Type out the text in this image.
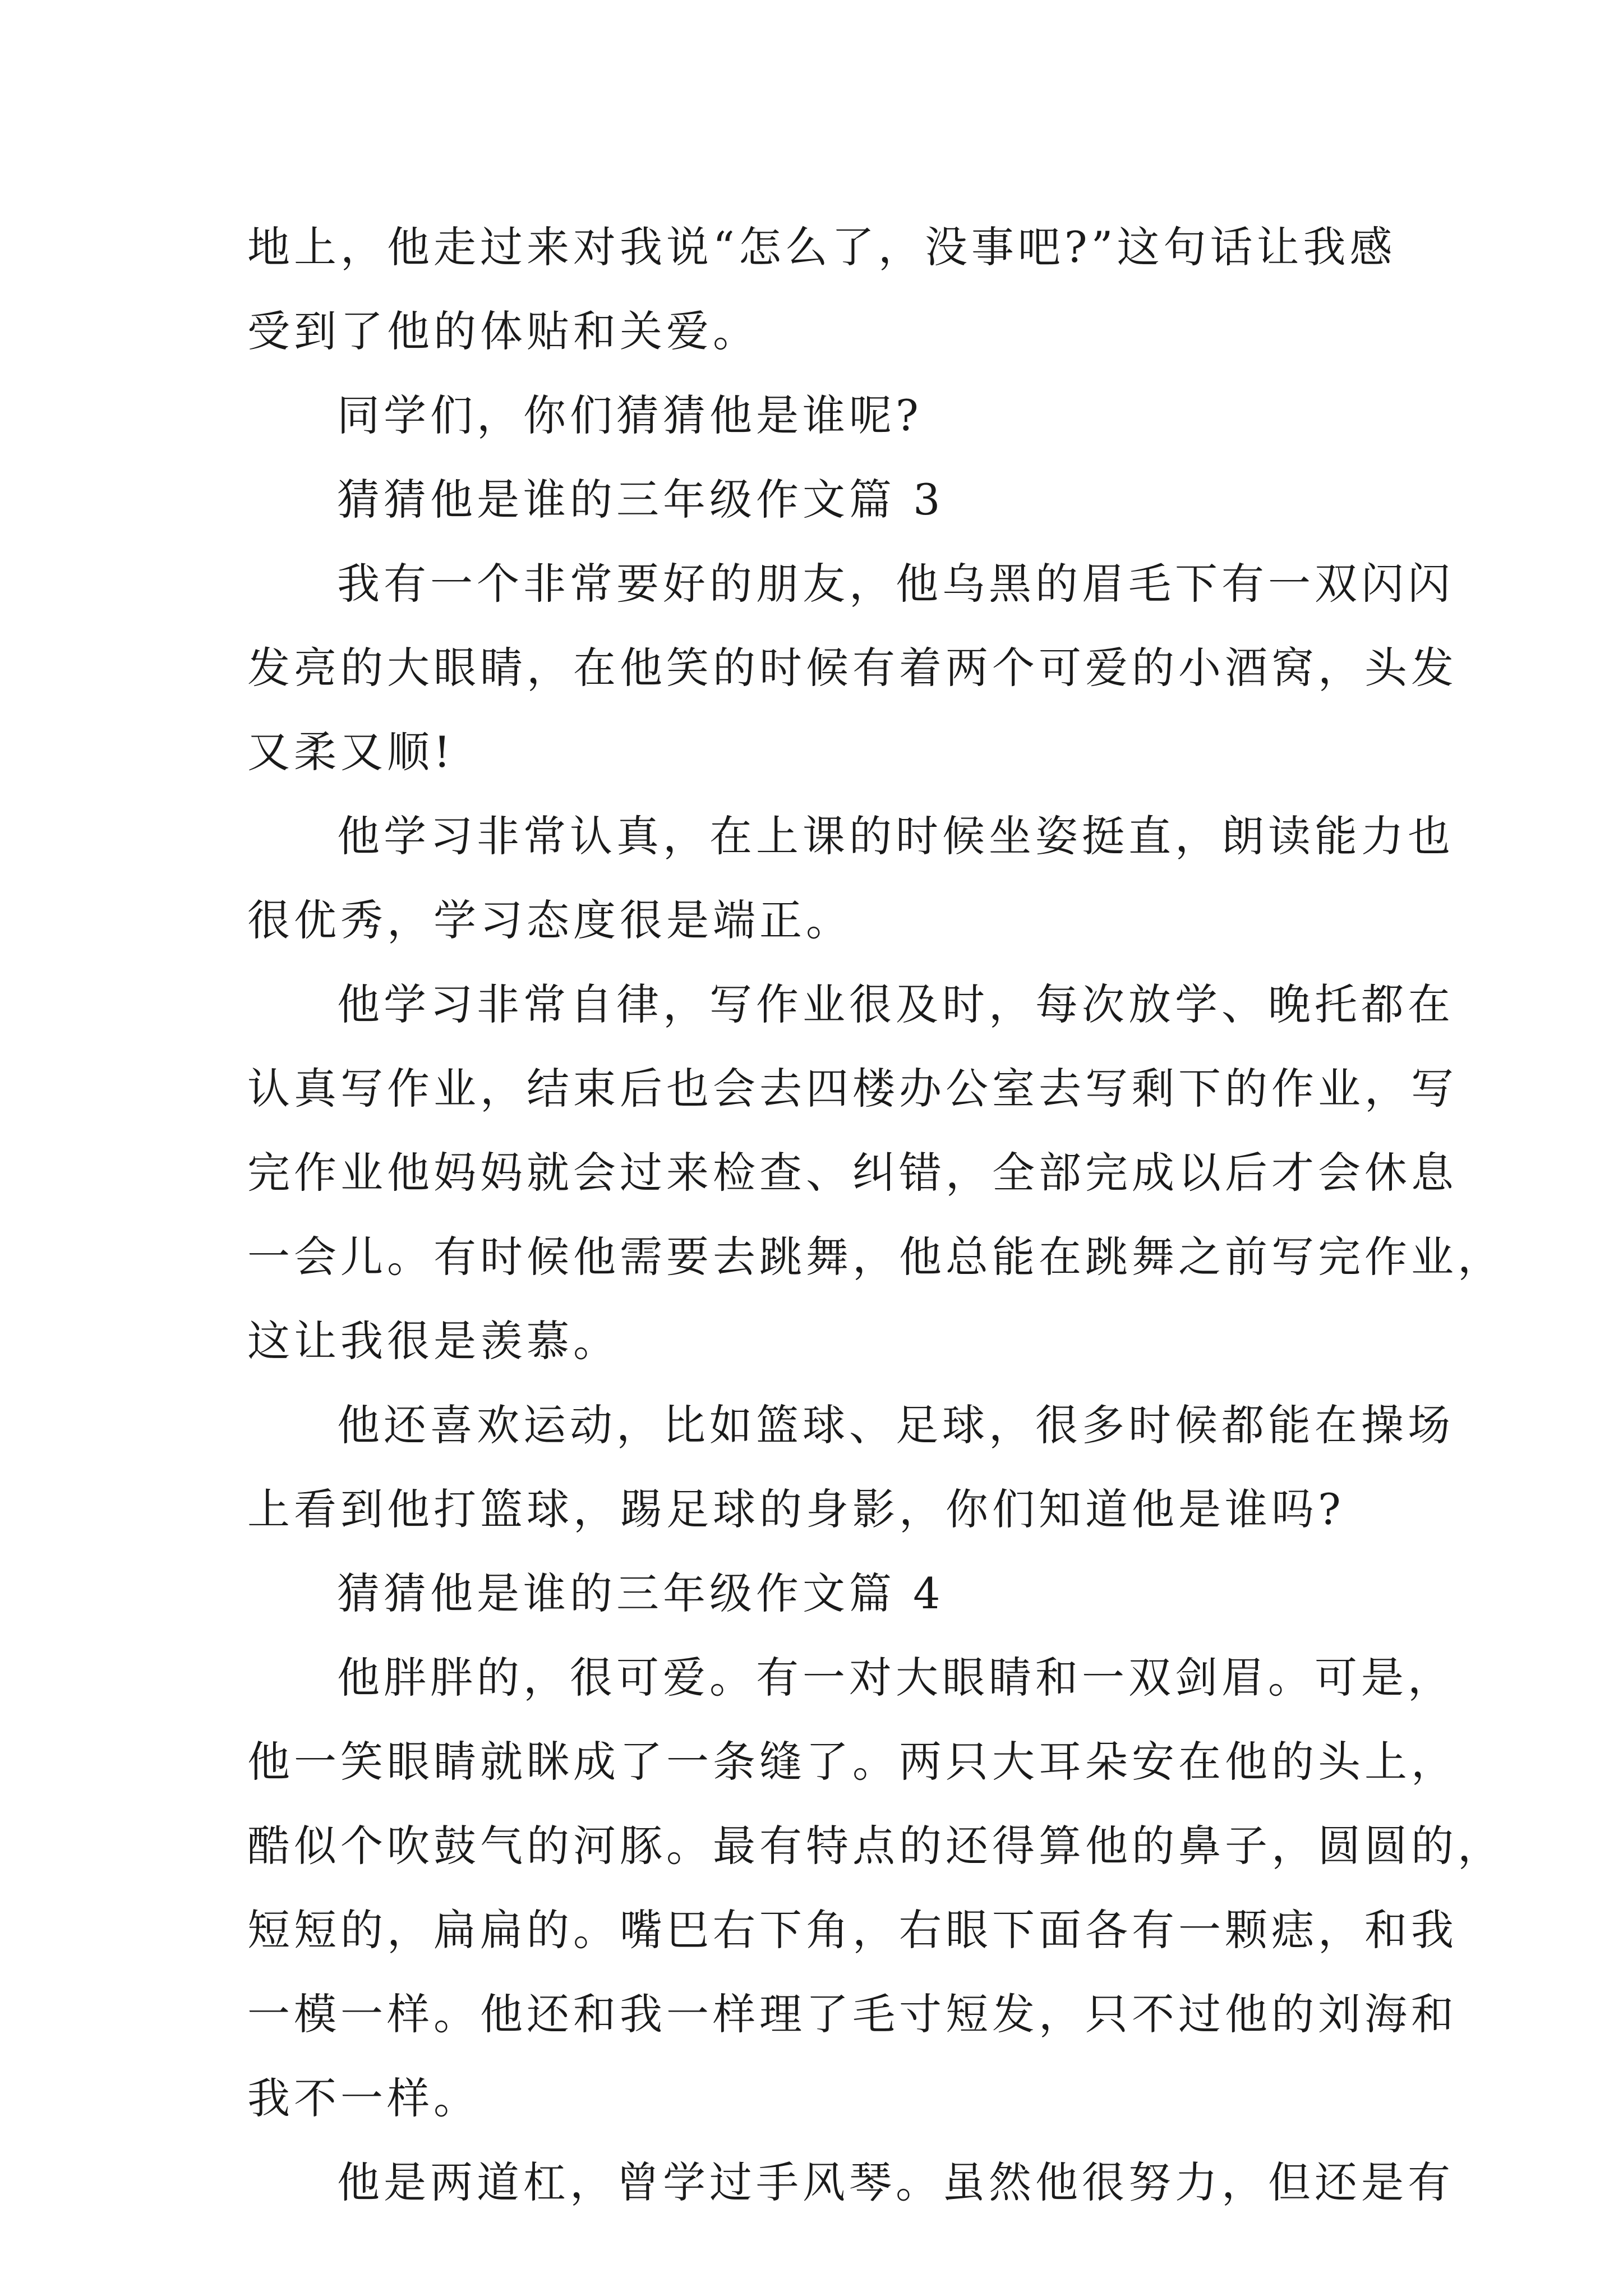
地上，他走过来对我说“怎么了，没事吧?”这句话让我感
受到了他的体贴和关爱。
同学们，你们猜猜他是谁呢?
猜猜他是谁的三年级作文篇 3
我有一个非常要好的朋友，他乌黑的眉毛下有一双闪闪
发亮的大眼睛，在他笑的时候有着两个可爱的小酒窝，头发
又柔又顺!
他学习非常认真，在上课的时候坐姿挺直，朗读能力也
很优秀，学习态度很是端正。
他学习非常自律，写作业很及时，每次放学、晚托都在
认真写作业，结束后也会去四楼办公室去写剩下的作业，写
完作业他妈妈就会过来检查、纠错，全部完成以后才会休息
一会儿。有时候他需要去跳舞，他总能在跳舞之前写完作业，
这让我很是羡慕。
他还喜欢运动，比如篮球、足球，很多时候都能在操场
上看到他打篮球，踢足球的身影，你们知道他是谁吗?
猜猜他是谁的三年级作文篇 4
他胖胖的，很可爱。有一对大眼睛和一双剑眉。可是，
他一笑眼睛就眯成了一条缝了。两只大耳朵安在他的头上，
酷似个吹鼓气的河豚。最有特点的还得算他的鼻子，圆圆的，
短短的，扁扁的。嘴巴右下角，右眼下面各有一颗痣，和我
一模一样。他还和我一样理了毛寸短发，只不过他的刘海和
我不一样。
他是两道杠，曾学过手风琴。虽然他很努力，但还是有
